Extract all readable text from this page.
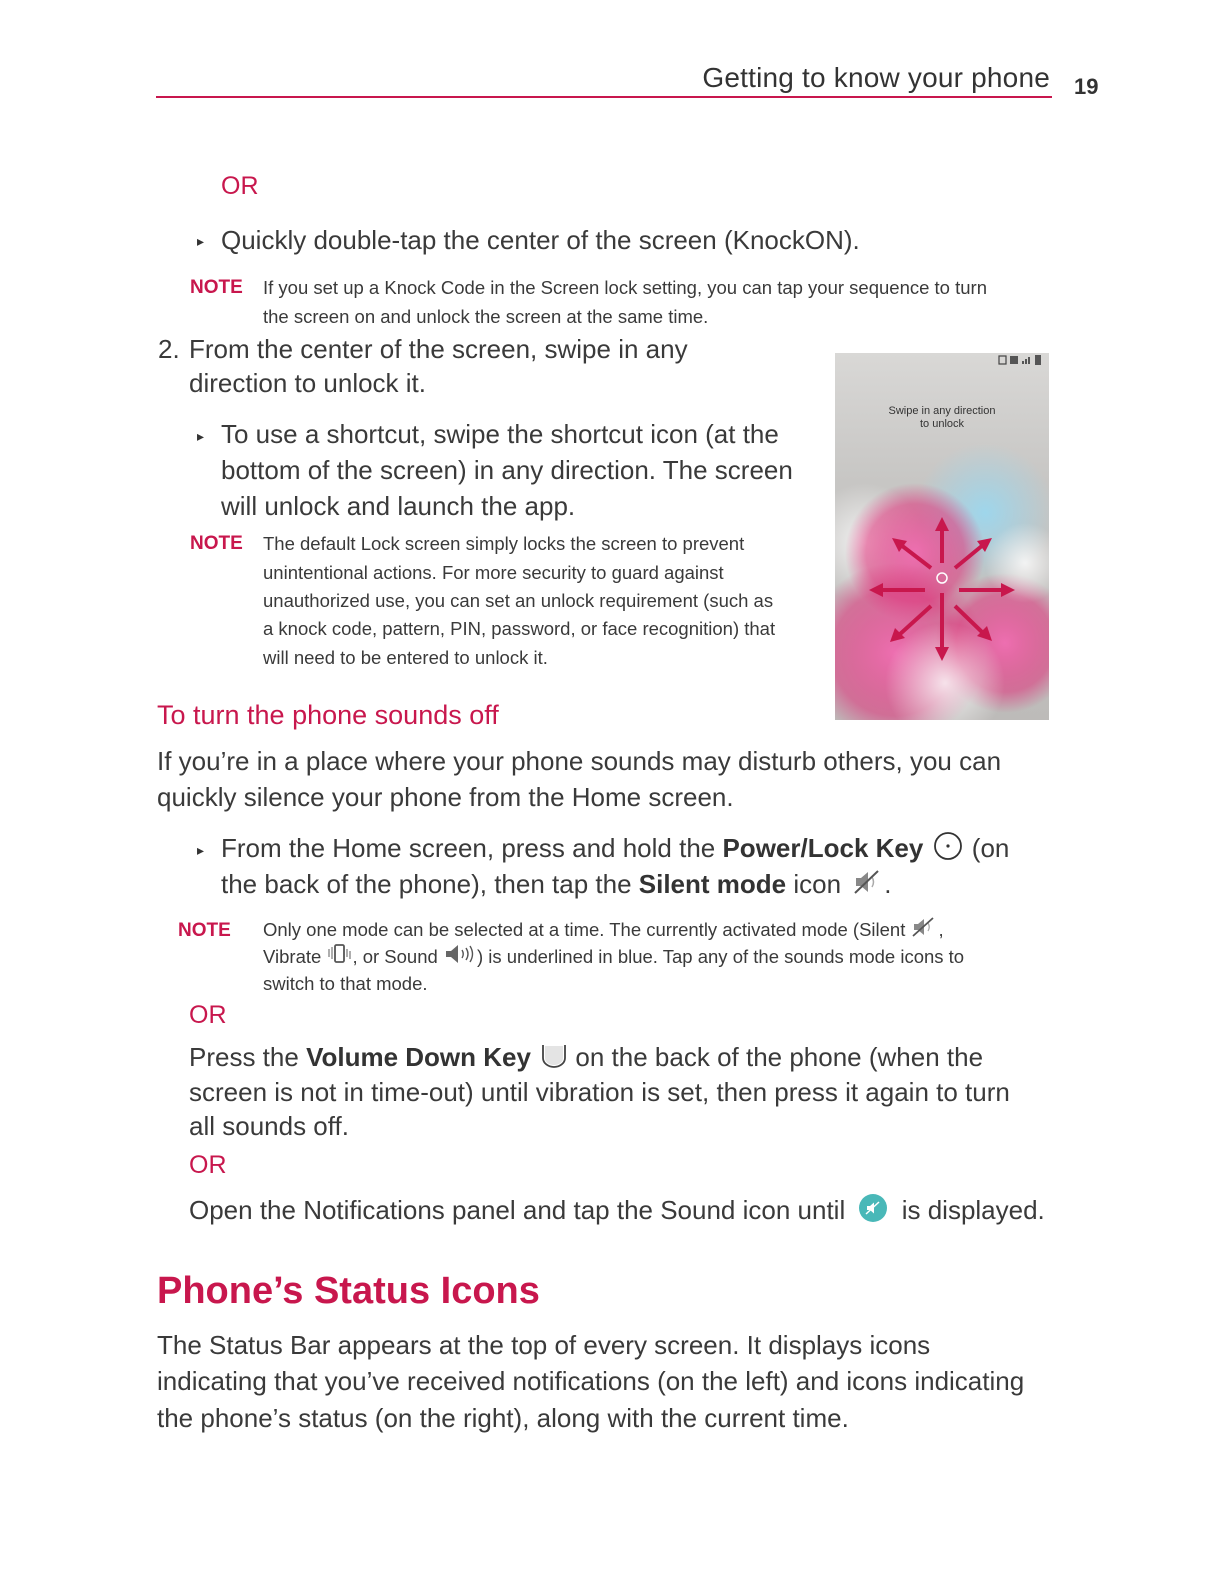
Getting to know your phone 19
OR
▸ Quickly double-tap the center of the screen (KnockON).
NOTE If you set up a Knock Code in the Screen lock setting, you can tap your sequence to turn
the screen on and unlock the screen at the same time.
2. From the center of the screen, swipe in any
direction to unlock it.
▸ To use a shortcut, swipe the shortcut icon (at the
bottom of the screen) in any direction. The screen
will unlock and launch the app.
NOTE The default Lock screen simply locks the screen to prevent
unintentional actions. For more security to guard against
unauthorized use, you can set an unlock requirement (such as
a knock code, pattern, PIN, password, or face recognition) that
will need to be entered to unlock it.
Swipe in any direction
to unlock
To turn the phone sounds off
If you’re in a place where your phone sounds may disturb others, you can
quickly silence your phone from the Home screen.
▸ From the Home screen, press and hold the Power/Lock Key (on
the back of the phone), then tap the Silent mode icon .
NOTE Only one mode can be selected at a time. The currently activated mode (Silent ,
Vibrate , or Sound ) is underlined in blue. Tap any of the sounds mode icons to
switch to that mode.
OR
Press the Volume Down Key  on the back of the phone (when the
screen is not in time-out) until vibration is set, then press it again to turn
all sounds off.
OR
Open the Notifications panel and tap the Sound icon until is displayed.
Phone’s Status Icons
The Status Bar appears at the top of every screen. It displays icons
indicating that you’ve received notifications (on the left) and icons indicating
the phone’s status (on the right), along with the current time.
